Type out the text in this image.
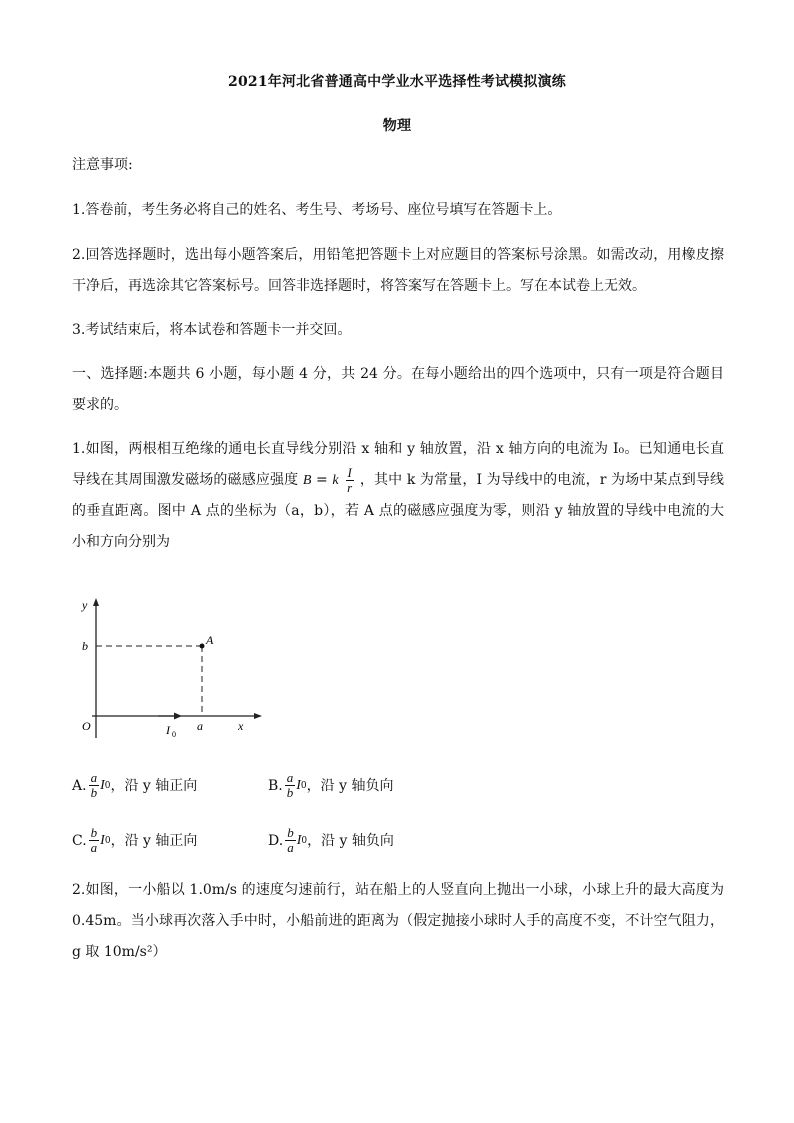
2021年河北省普通高中学业水平选择性考试模拟演练
物理
注意事项:
1.答卷前，考生务必将自己的姓名、考生号、考场号、座位号填写在答题卡上。
2.回答选择题时，选出每小题答案后，用铅笔把答题卡上对应题目的答案标号涂黑。如需改动，用橡皮擦干净后，再选涂其它答案标号。回答非选择题时，将答案写在答题卡上。写在本试卷上无效。
3.考试结束后，将本试卷和答题卡一并交回。
一、选择题:本题共 6 小题，每小题 4 分，共 24 分。在每小题给出的四个选项中，只有一项是符合题目要求的。
1.如图，两根相互绝缘的通电长直导线分别沿 x 轴和 y 轴放置，沿 x 轴方向的电流为 I₀。已知通电长直导线在其周围激发磁场的磁感应强度 B = k $\frac{I}{r}$ ，其中 k 为常量，I 为导线中的电流，r 为场中某点到导线的垂直距离。图中 A 点的坐标为（a，b），若 A 点的磁感应强度为零，则沿 y 轴放置的导线中电流的大小和方向分别为
y
x
b
a
A
O	I 0
A. $\frac{a}{b}$ I 0 ，沿 y 轴正向	B. $\frac{a}{b}$ I 0 ，沿 y 轴负向
C. $\frac{b}{a}$ I 0 ，沿 y 轴正向	D. $\frac{b}{a}$ I 0 ，沿 y 轴负向
2.如图，一小船以 1.0m/s 的速度匀速前行，站在船上的人竖直向上抛出一小球，小球上升的最大高度为 0.45m。当小球再次落入手中时，小船前进的距离为（假定抛接小球时人手的高度不变，不计空气阻力，g 取 10m/s²）
